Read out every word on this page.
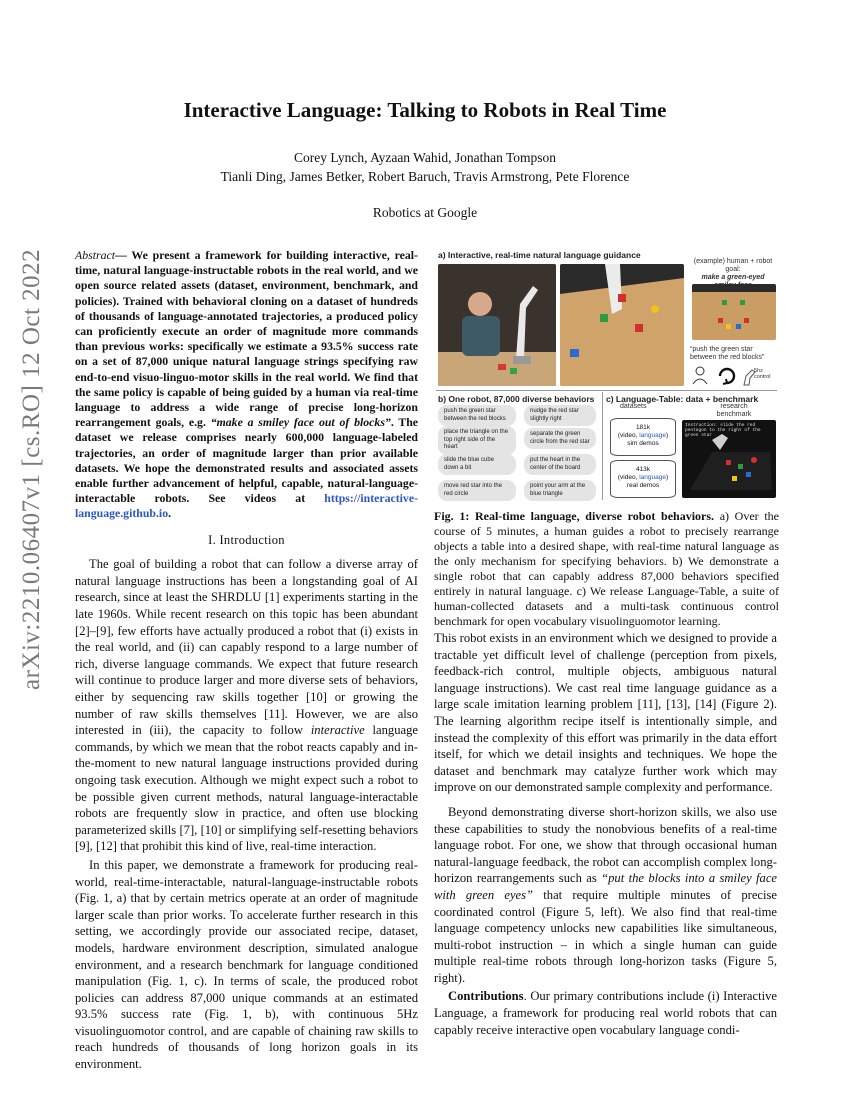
arXiv:2210.06407v1 [cs.RO] 12 Oct 2022
Interactive Language: Talking to Robots in Real Time
Corey Lynch, Ayzaan Wahid, Jonathan Tompson
Tianli Ding, James Betker, Robert Baruch, Travis Armstrong, Pete Florence
Robotics at Google

Abstract— We present a framework for building interactive, real-time, natural language-instructable robots in the real world, and we open source related assets (dataset, environment, benchmark, and policies). Trained with behavioral cloning on a dataset of hundreds of thousands of language-annotated trajectories, a produced policy can proficiently execute an order of magnitude more commands than previous works: specifically we estimate a 93.5% success rate on a set of 87,000 unique natural language strings specifying raw end-to-end visuo-linguo-motor skills in the real world. We find that the same policy is capable of being guided by a human via real-time language to address a wide range of precise long-horizon rearrangement goals, e.g. “make a smiley face out of blocks”. The dataset we release comprises nearly 600,000 language-labeled trajectories, an order of magnitude larger than prior available datasets. We hope the demonstrated results and associated assets enable further advancement of helpful, capable, natural-language-interactable robots. See videos at https://interactive-language.github.io.

I. Introduction

The goal of building a robot that can follow a diverse array of natural language instructions has been a longstanding goal of AI research, since at least the SHRDLU [1] experiments starting in the late 1960s. While recent research on this topic has been abundant [2]–[9], few efforts have actually produced a robot that (i) exists in the real world, and (ii) can capably respond to a large number of rich, diverse language commands. We expect that future research will continue to produce larger and more diverse sets of behaviors, either by sequencing raw skills together [10] or growing the number of raw skills themselves [11]. However, we are also interested in (iii), the capacity to follow interactive language commands, by which we mean that the robot reacts capably and in-the-moment to new natural language instructions provided during ongoing task execution. Although we might expect such a robot to be possible given current methods, natural language-interactable robots are frequently slow in practice, and often use blocking parameterized skills [7], [10] or simplifying self-resetting behaviors [9], [12] that prohibit this kind of live, real-time interaction.

In this paper, we demonstrate a framework for producing real-world, real-time-interactable, natural-language-instructable robots (Fig. 1, a) that by certain metrics operate at an order of magnitude larger scale than prior works. To accelerate further research in this setting, we accordingly provide our associated recipe, dataset, models, hardware environment description, simulated analogue environment, and a research benchmark for language conditioned manipulation (Fig. 1, c). In terms of scale, the produced robot policies can address 87,000 unique commands at an estimated 93.5% success rate (Fig. 1, b), with continuous 5Hz visuolinguomotor control, and are capable of chaining raw skills to reach hundreds of thousands of long horizon goals in its environment.

a) Interactive, real-time natural language guidance
(example) human + robot goal:
make a green-eyed
“push the green star between the red blocks”
5hz
control
b) One robot, 87,000 diverse behaviors
push the green star between the red blocks
nudge the red star slightly right
place the triangle on the top right side of the heart
separate the green circle from the red star
slide the blue cube down a bit
put the heart in the center of the board
move red star into the red circle
point your arm at the blue triangle
c) Language-Table: data + benchmark
datasets	research
benchmark
181k
(video, language)
sim demos
413k
(video, language)
real demos
Instruction: slide the red pentagon to the right of the green star
Fig. 1: Real-time language, diverse robot behaviors. a) Over the course of 5 minutes, a human guides a robot to precisely rearrange objects a table into a desired shape, with real-time natural language as the only mechanism for specifying behaviors. b) We demonstrate a single robot that can capably address 87,000 behaviors specified entirely in natural language. c) We release Language-Table, a suite of human-collected datasets and a multi-task continuous control benchmark for open vocabulary visuolinguomotor learning.

This robot exists in an environment which we designed to provide a tractable yet difficult level of challenge (perception from pixels, feedback-rich control, multiple objects, ambiguous natural language instructions). We cast real time language guidance as a large scale imitation learning problem [11], [13], [14] (Figure 2). The learning algorithm recipe itself is intentionally simple, and instead the complexity of this effort was primarily in the data effort itself, for which we detail insights and techniques. We hope the dataset and benchmark may catalyze further work which may improve on our demonstrated sample complexity and performance.

Beyond demonstrating diverse short-horizon skills, we also use these capabilities to study the nonobvious benefits of a real-time language robot. For one, we show that through occasional human natural-language feedback, the robot can accomplish complex long-horizon rearrangements such as “put the blocks into a smiley face with green eyes” that require multiple minutes of precise coordinated control (Figure 5, left). We also find that real-time language competency unlocks new capabilities like simultaneous, multi-robot instruction – in which a single human can guide multiple real-time robots through long-horizon tasks (Figure 5, right).

Contributions. Our primary contributions include (i) Interactive Language, a framework for producing real world robots that can capably receive interactive open vocabulary language condi-
